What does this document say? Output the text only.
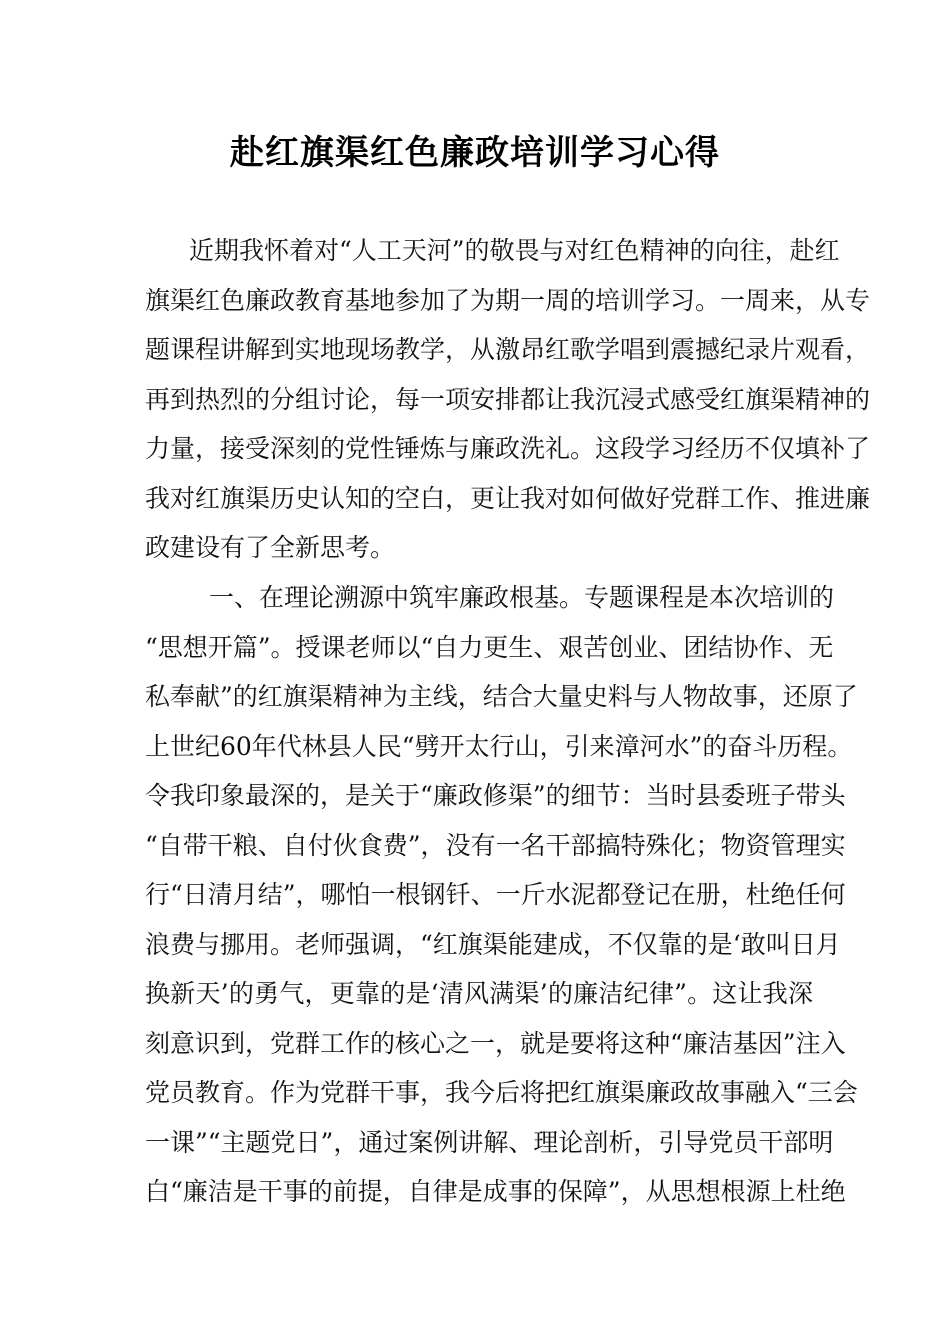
赴红旗渠红色廉政培训学习心得
近期我怀着对“人工天河”的敬畏与对红色精神的向往，赴红
旗渠红色廉政教育基地参加了为期一周的培训学习。一周来，从专
题课程讲解到实地现场教学，从激昂红歌学唱到震撼纪录片观看，
再到热烈的分组讨论，每一项安排都让我沉浸式感受红旗渠精神的
力量，接受深刻的党性锤炼与廉政洗礼。这段学习经历不仅填补了
我对红旗渠历史认知的空白，更让我对如何做好党群工作、推进廉
政建设有了全新思考。
一、在理论溯源中筑牢廉政根基。专题课程是本次培训的
“思想开篇”。授课老师以“自力更生、艰苦创业、团结协作、无
私奉献”的红旗渠精神为主线，结合大量史料与人物故事，还原了
上世纪60年代林县人民“劈开太行山，引来漳河水”的奋斗历程。
令我印象最深的，是关于“廉政修渠”的细节：当时县委班子带头
“自带干粮、自付伙食费”，没有一名干部搞特殊化；物资管理实
行“日清月结”，哪怕一根钢钎、一斤水泥都登记在册，杜绝任何
浪费与挪用。老师强调，“红旗渠能建成，不仅靠的是‘敢叫日月
换新天’的勇气，更靠的是‘清风满渠’的廉洁纪律”。这让我深
刻意识到，党群工作的核心之一，就是要将这种“廉洁基因”注入
党员教育。作为党群干事，我今后将把红旗渠廉政故事融入“三会
一课”“主题党日”，通过案例讲解、理论剖析，引导党员干部明
白“廉洁是干事的前提，自律是成事的保障”，从思想根源上杜绝
